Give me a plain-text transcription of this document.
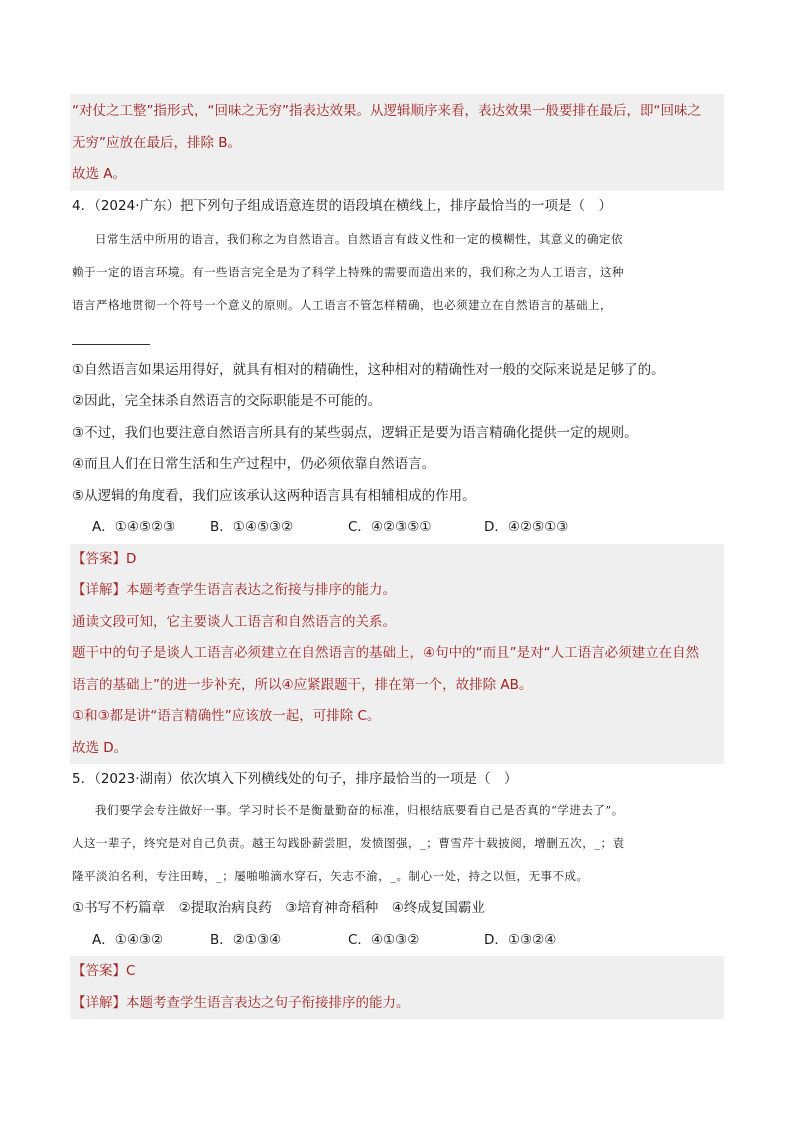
“对仗之工整”指形式，“回味之无穷”指表达效果。从逻辑顺序来看，表达效果一般要排在最后，即“回味之

无穷”应放在最后，排除 B。

故选 A。

4．（2024·广东）把下列句子组成语意连贯的语段填在横线上，排序最恰当的一项是（　）

日常生活中所用的语言，我们称之为自然语言。自然语言有歧义性和一定的模糊性，其意义的确定依

赖于一定的语言环境。有一些语言完全是为了科学上特殊的需要而造出来的，我们称之为人工语言，这种

语言严格地贯彻一个符号一个意义的原则。人工语言不管怎样精确，也必须建立在自然语言的基础上，

①自然语言如果运用得好，就具有相对的精确性，这种相对的精确性对一般的交际来说是足够了的。

②因此，完全抹杀自然语言的交际职能是不可能的。

③不过，我们也要注意自然语言所具有的某些弱点，逻辑正是要为语言精确化提供一定的规则。

④而且人们在日常生活和生产过程中，仍必须依靠自然语言。

⑤从逻辑的角度看，我们应该承认这两种语言具有相辅相成的作用。

A．①④⑤②③	B．①④⑤③②	C．④②③⑤①	D．④②⑤①③

【答案】D

【详解】本题考查学生语言表达之衔接与排序的能力。

通读文段可知，它主要谈人工语言和自然语言的关系。

题干中的句子是谈人工语言必须建立在自然语言的基础上，④句中的“而且”是对“人工语言必须建立在自然

语言的基础上”的进一步补充，所以④应紧跟题干，排在第一个，故排除 AB。

①和③都是讲“语言精确性”应该放一起，可排除 C。

故选 D。

5．（2023·湖南）依次填入下列横线处的句子，排序最恰当的一项是（　）

我们要学会专注做好一事。学习时长不是衡量勤奋的标准，归根结底要看自己是否真的“学进去了”。

人这一辈子，终究是对自己负责。越王勾践卧薪尝胆，发愤图强，_；曹雪芹十载披阅，增删五次，_；袁

隆平淡泊名利，专注田畴，_；屡啪啪滴水穿石，矢志不渝，_。制心一处，持之以恒，无事不成。

①书写不朽篇章　②提取治病良药　③培育神奇稻种　④终成复国霸业

A．①④③②	B．②①③④	C．④①③②	D．①③②④

【答案】C

【详解】本题考查学生语言表达之句子衔接排序的能力。
